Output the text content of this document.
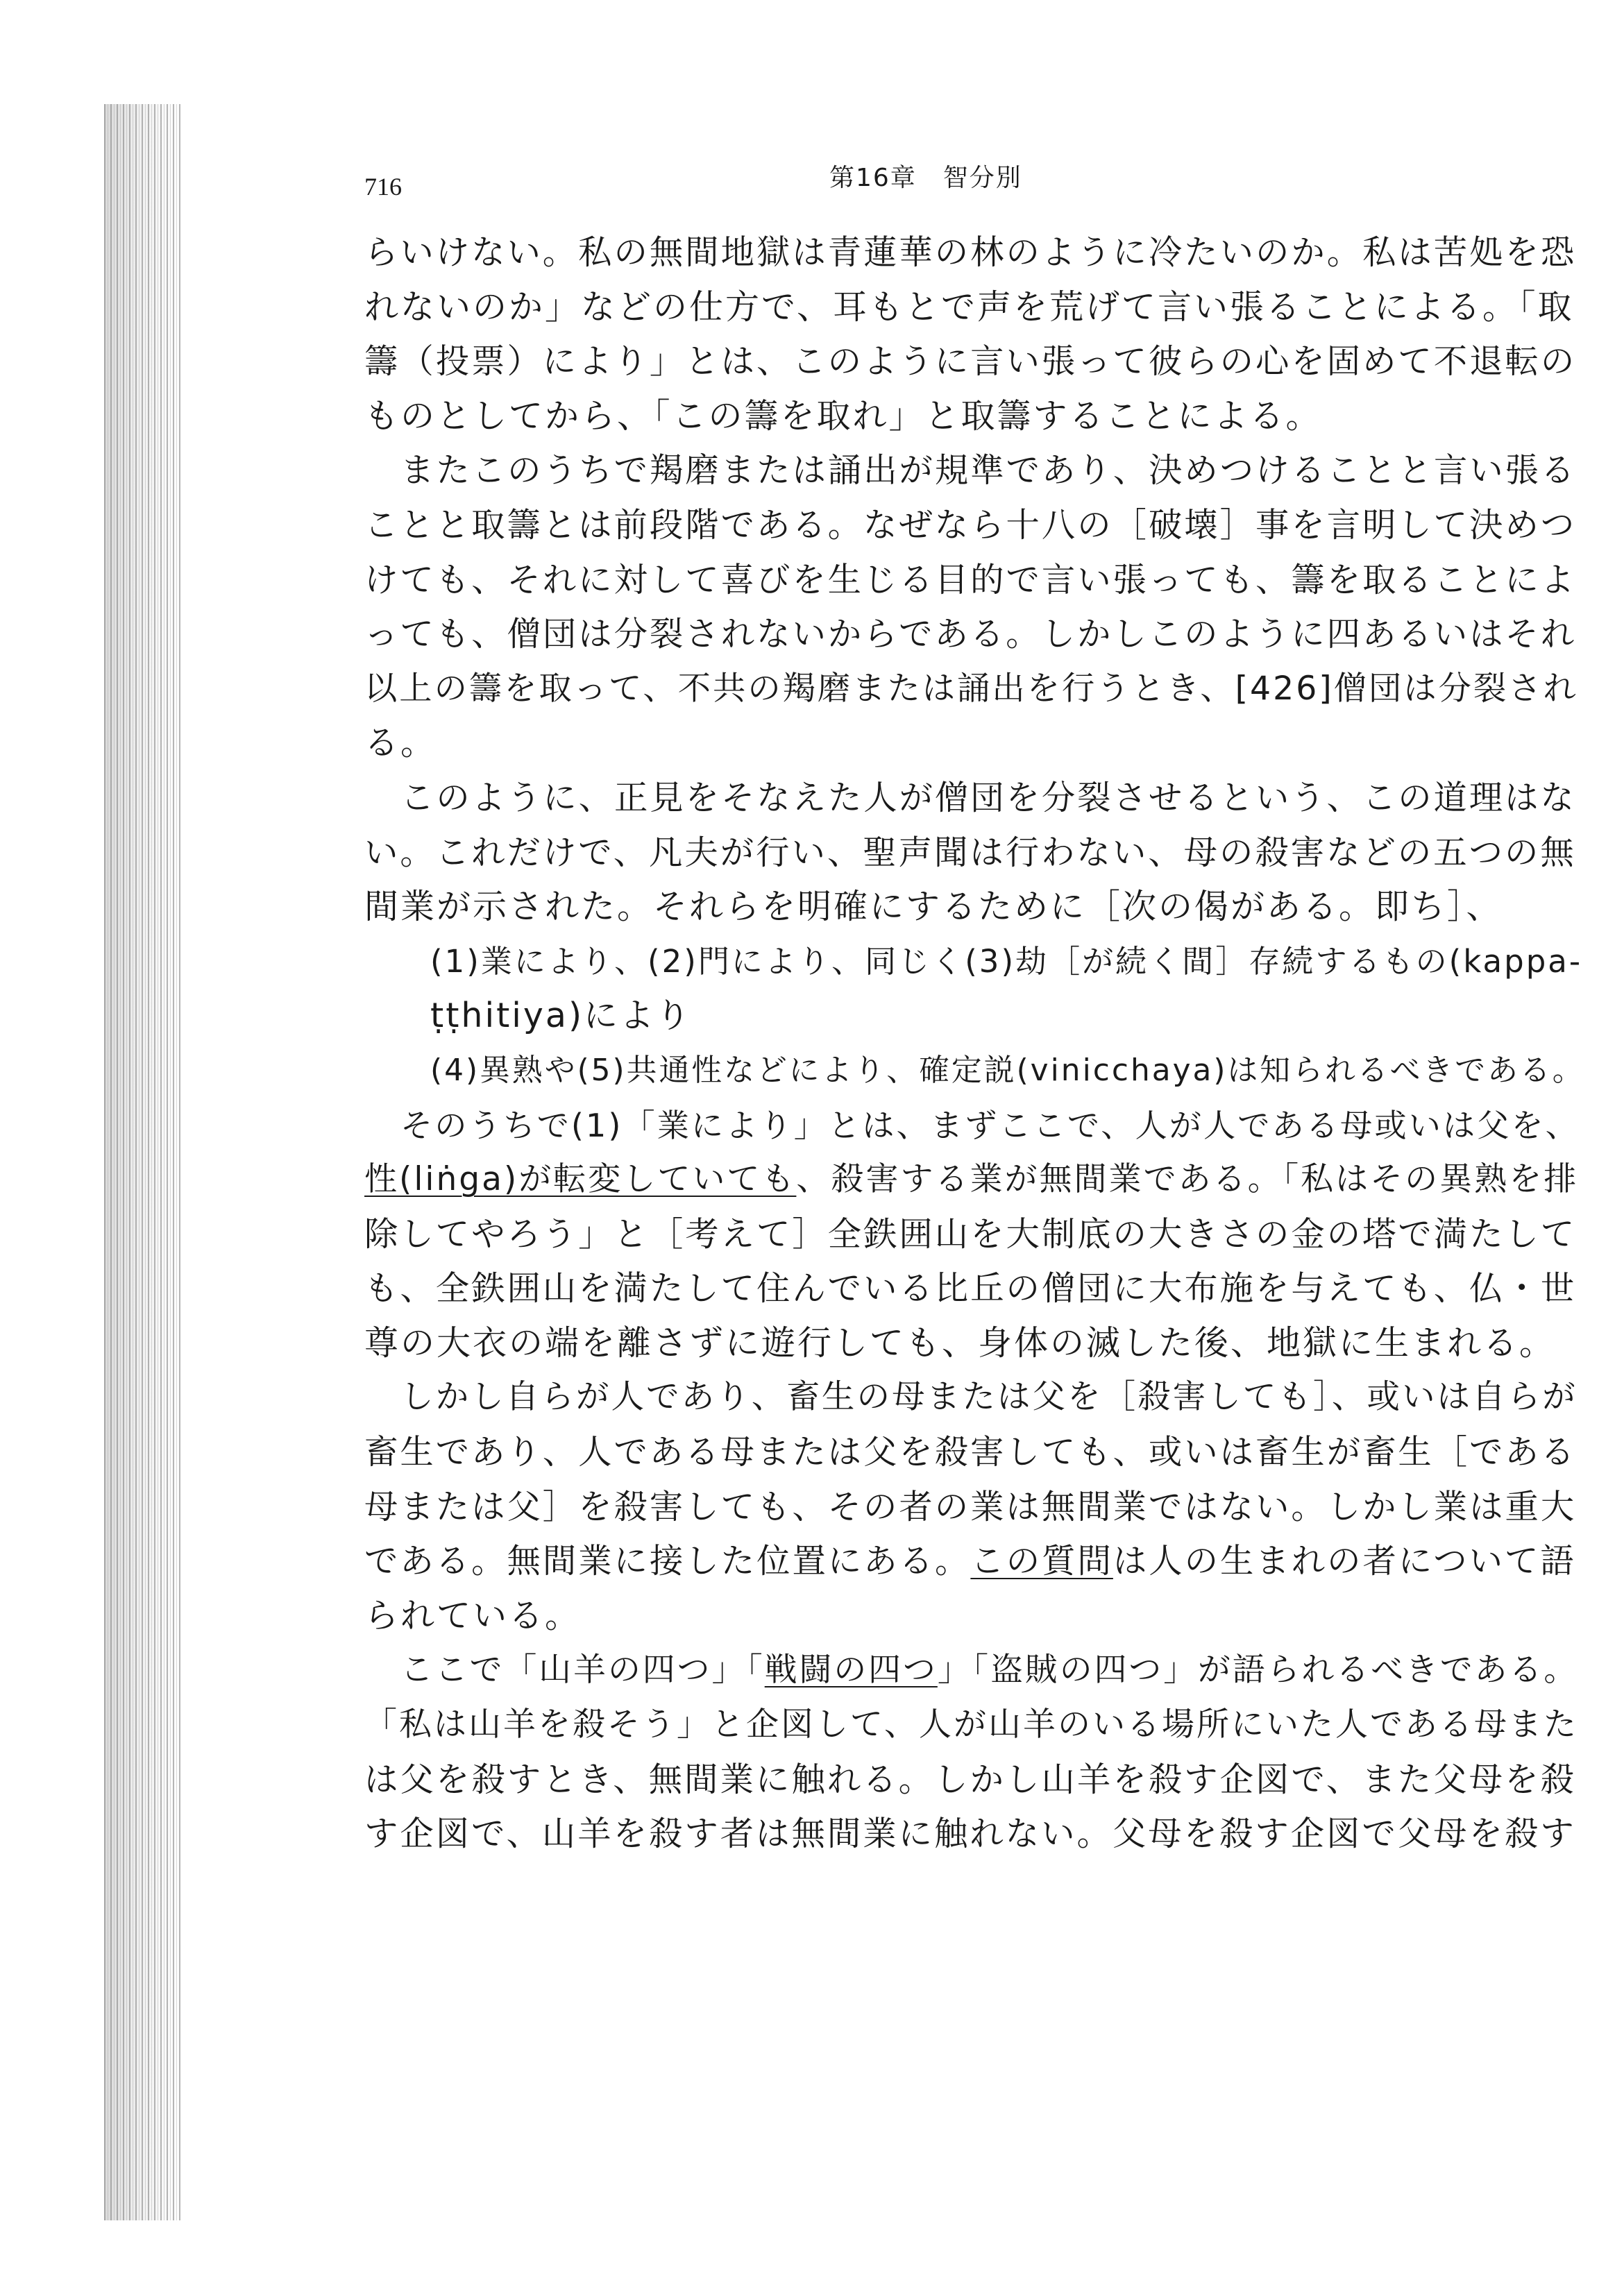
716	第16章　智分別
らいけない。私の無間地獄は青蓮華の林のように冷たいのか。私は苦処を恐
れないのか」などの仕方で、耳もとで声を荒げて言い張ることによる。「取
籌（投票）により」とは、このように言い張って彼らの心を固めて不退転の
ものとしてから、「この籌を取れ」と取籌することによる。
またこのうちで羯磨または誦出が規準であり、決めつけることと言い張る
ことと取籌とは前段階である。なぜなら十八の［破壊］事を言明して決めつ
けても、それに対して喜びを生じる目的で言い張っても、籌を取ることによ
っても、僧団は分裂されないからである。しかしこのように四あるいはそれ
以上の籌を取って、不共の羯磨または誦出を行うとき、[426]僧団は分裂され
る。
このように、正見をそなえた人が僧団を分裂させるという、この道理はな
い。これだけで、凡夫が行い、聖声聞は行わない、母の殺害などの五つの無
間業が示された。それらを明確にするために［次の偈がある。即ち］、
(1)業により、(2)門により、同じく(3)劫［が続く間］存続するもの(kappa-
ṭṭhitiya)により
(4)異熟や(5)共通性などにより、確定説(vinicchaya)は知られるべきである。
そのうちで(1)「業により」とは、まずここで、人が人である母或いは父を、
性(liṅga)が転変していても、殺害する業が無間業である。「私はその異熟を排
除してやろう」と［考えて］全鉄囲山を大制底の大きさの金の塔で満たして
も、全鉄囲山を満たして住んでいる比丘の僧団に大布施を与えても、仏・世
尊の大衣の端を離さずに遊行しても、身体の滅した後、地獄に生まれる。
しかし自らが人であり、畜生の母または父を［殺害しても］、或いは自らが
畜生であり、人である母または父を殺害しても、或いは畜生が畜生［である
母または父］を殺害しても、その者の業は無間業ではない。しかし業は重大
である。無間業に接した位置にある。この質問は人の生まれの者について語
られている。
ここで「山羊の四つ」「戦闘の四つ」「盗賊の四つ」が語られるべきである。
「私は山羊を殺そう」と企図して、人が山羊のいる場所にいた人である母また
は父を殺すとき、無間業に触れる。しかし山羊を殺す企図で、また父母を殺
す企図で、山羊を殺す者は無間業に触れない。父母を殺す企図で父母を殺す
